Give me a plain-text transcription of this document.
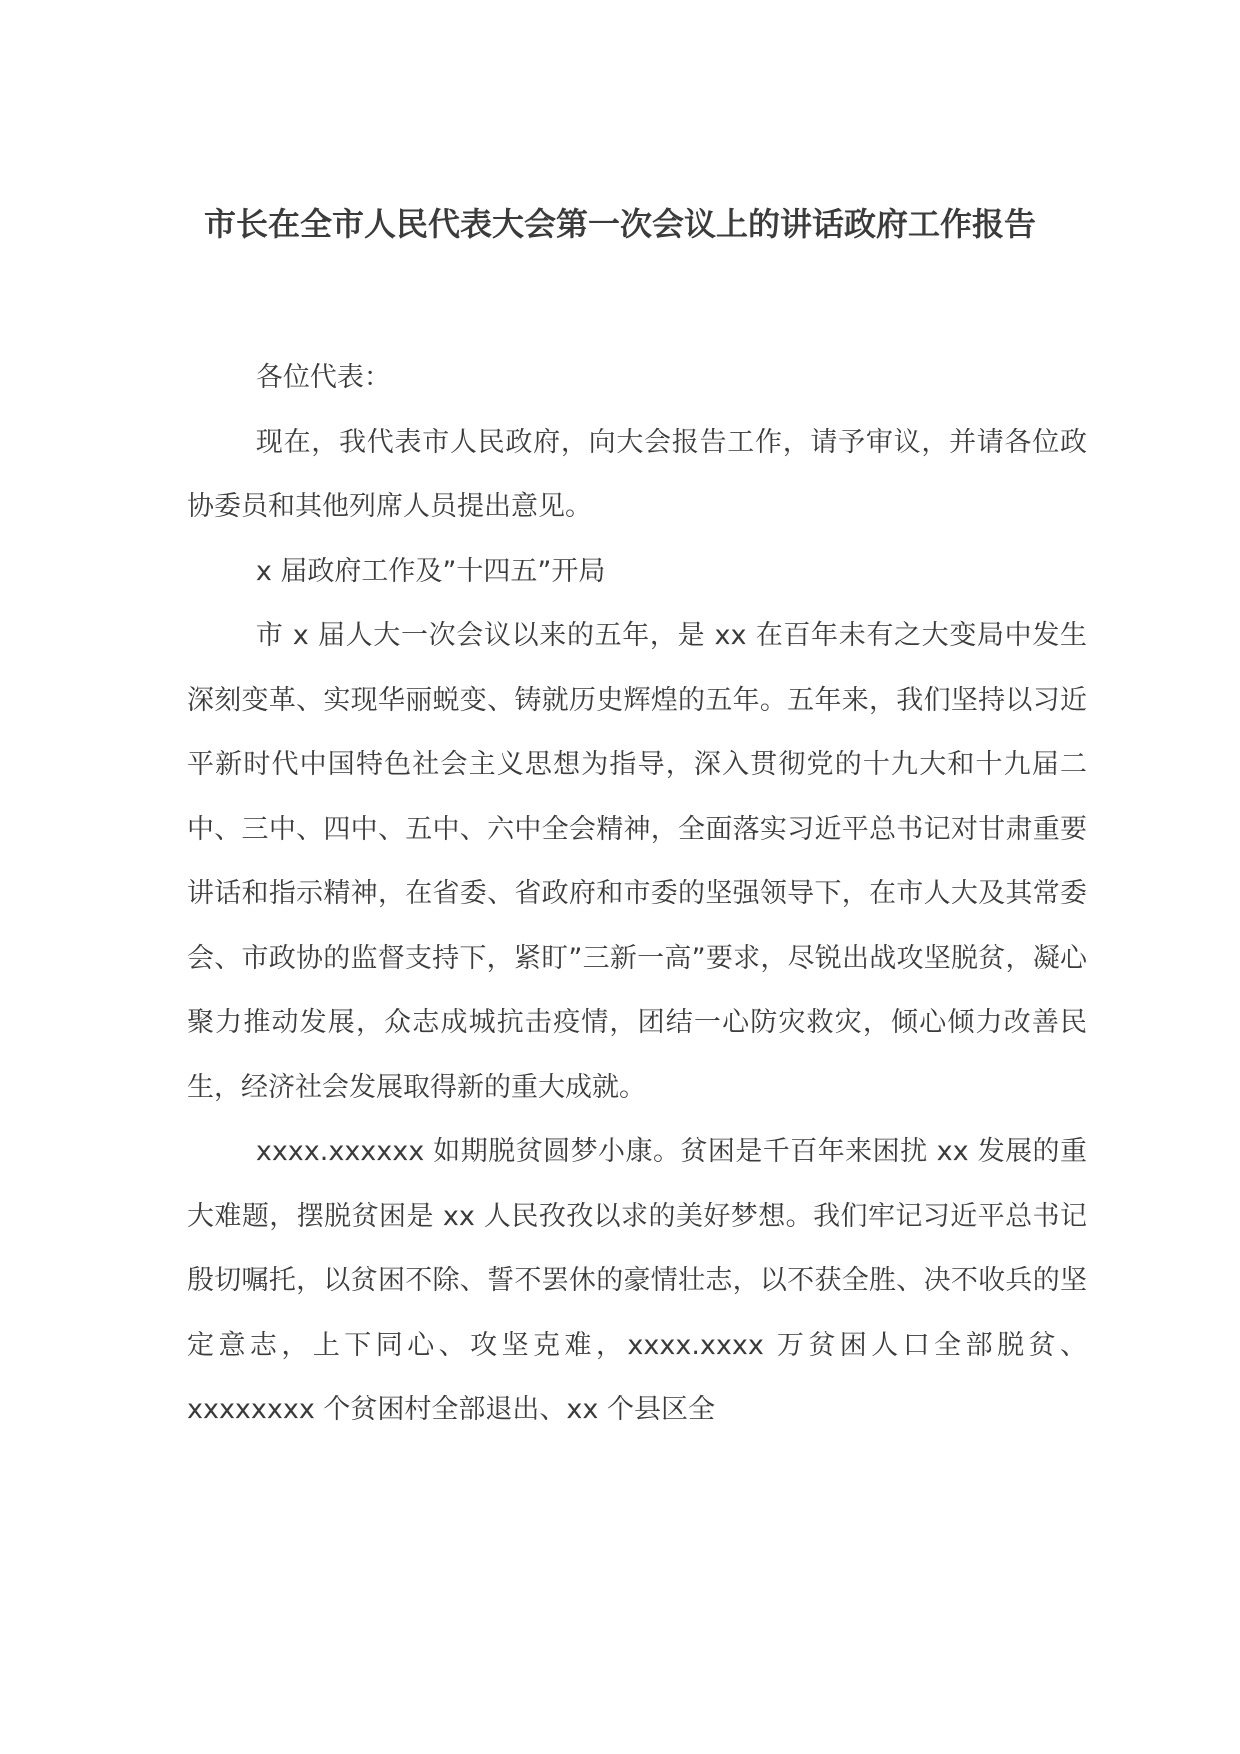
市长在全市人民代表大会第一次会议上的讲话政府工作报告

各位代表：

现在，我代表市人民政府，向大会报告工作，请予审议，并请各位政协委员和其他列席人员提出意见。

x 届政府工作及”十四五”开局

市 x 届人大一次会议以来的五年，是 xx 在百年未有之大变局中发生深刻变革、实现华丽蜕变、铸就历史辉煌的五年。五年来，我们坚持以习近平新时代中国特色社会主义思想为指导，深入贯彻党的十九大和十九届二中、三中、四中、五中、六中全会精神，全面落实习近平总书记对甘肃重要讲话和指示精神，在省委、省政府和市委的坚强领导下，在市人大及其常委会、市政协的监督支持下，紧盯”三新一高”要求，尽锐出战攻坚脱贫，凝心聚力推动发展，众志成城抗击疫情，团结一心防灾救灾，倾心倾力改善民生，经济社会发展取得新的重大成就。

xxxx.xxxxxx 如期脱贫圆梦小康。贫困是千百年来困扰 xx 发展的重大难题，摆脱贫困是 xx 人民孜孜以求的美好梦想。我们牢记习近平总书记殷切嘱托，以贫困不除、誓不罢休的豪情壮志，以不获全胜、决不收兵的坚定意志，上下同心、攻坚克难，xxxx.xxxx 万贫困人口全部脱贫、xxxxxxxx 个贫困村全部退出、xx 个县区全
